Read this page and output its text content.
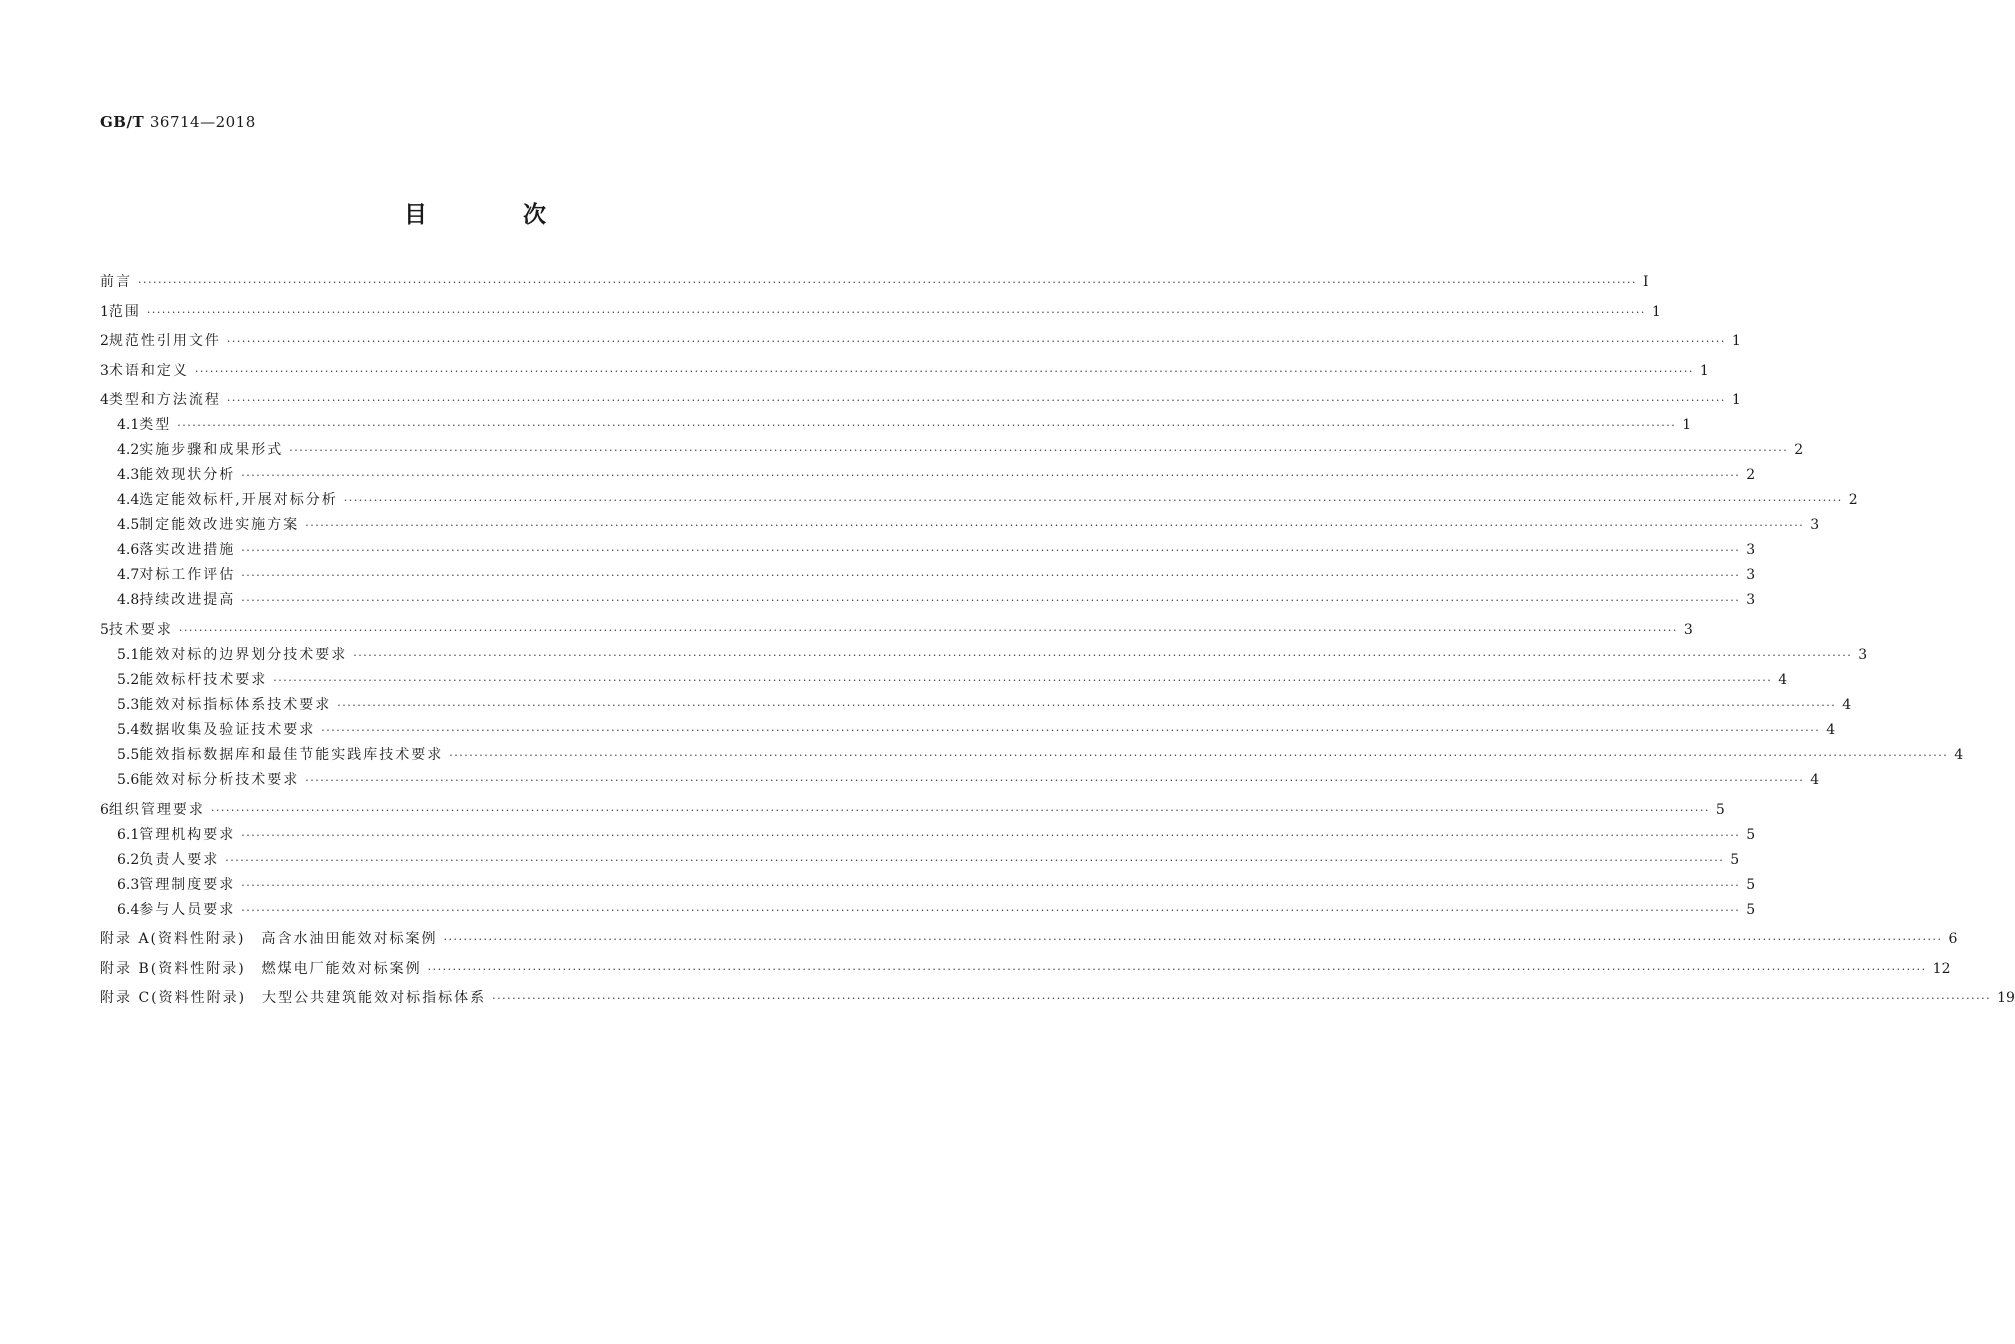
GB/T 36714—2018
目 次
前言 ············································································································································································································································································································ Ⅰ
1 范围 ············································································································································································································································································································ 1
2 规范性引用文件 ············································································································································································································································································································ 1
3 术语和定义 ············································································································································································································································································································ 1
4 类型和方法流程 ············································································································································································································································································································ 1
4.1 类型 ············································································································································································································································································································ 1
4.2 实施步骤和成果形式 ············································································································································································································································································································ 2
4.3 能效现状分析 ············································································································································································································································································································ 2
4.4 选定能效标杆,开展对标分析 ············································································································································································································································································································ 2
4.5 制定能效改进实施方案 ············································································································································································································································································································ 3
4.6 落实改进措施 ············································································································································································································································································································ 3
4.7 对标工作评估 ············································································································································································································································································································ 3
4.8 持续改进提高 ············································································································································································································································································································ 3
5 技术要求 ············································································································································································································································································································ 3
5.1 能效对标的边界划分技术要求 ············································································································································································································································································································ 3
5.2 能效标杆技术要求 ············································································································································································································································································································ 4
5.3 能效对标指标体系技术要求 ············································································································································································································································································································ 4
5.4 数据收集及验证技术要求 ············································································································································································································································································································ 4
5.5 能效指标数据库和最佳节能实践库技术要求 ············································································································································································································································································································ 4
5.6 能效对标分析技术要求 ············································································································································································································································································································ 4
6 组织管理要求 ············································································································································································································································································································ 5
6.1 管理机构要求 ············································································································································································································································································································ 5
6.2 负责人要求 ············································································································································································································································································································ 5
6.3 管理制度要求 ············································································································································································································································································································ 5
6.4 参与人员要求 ············································································································································································································································································································ 5
附录 A(资料性附录)　高含水油田能效对标案例 ············································································································································································································································································································ 6
附录 B(资料性附录)　燃煤电厂能效对标案例 ············································································································································································································································································································ 12
附录 C(资料性附录)　大型公共建筑能效对标指标体系 ············································································································································································································································································································ 19
